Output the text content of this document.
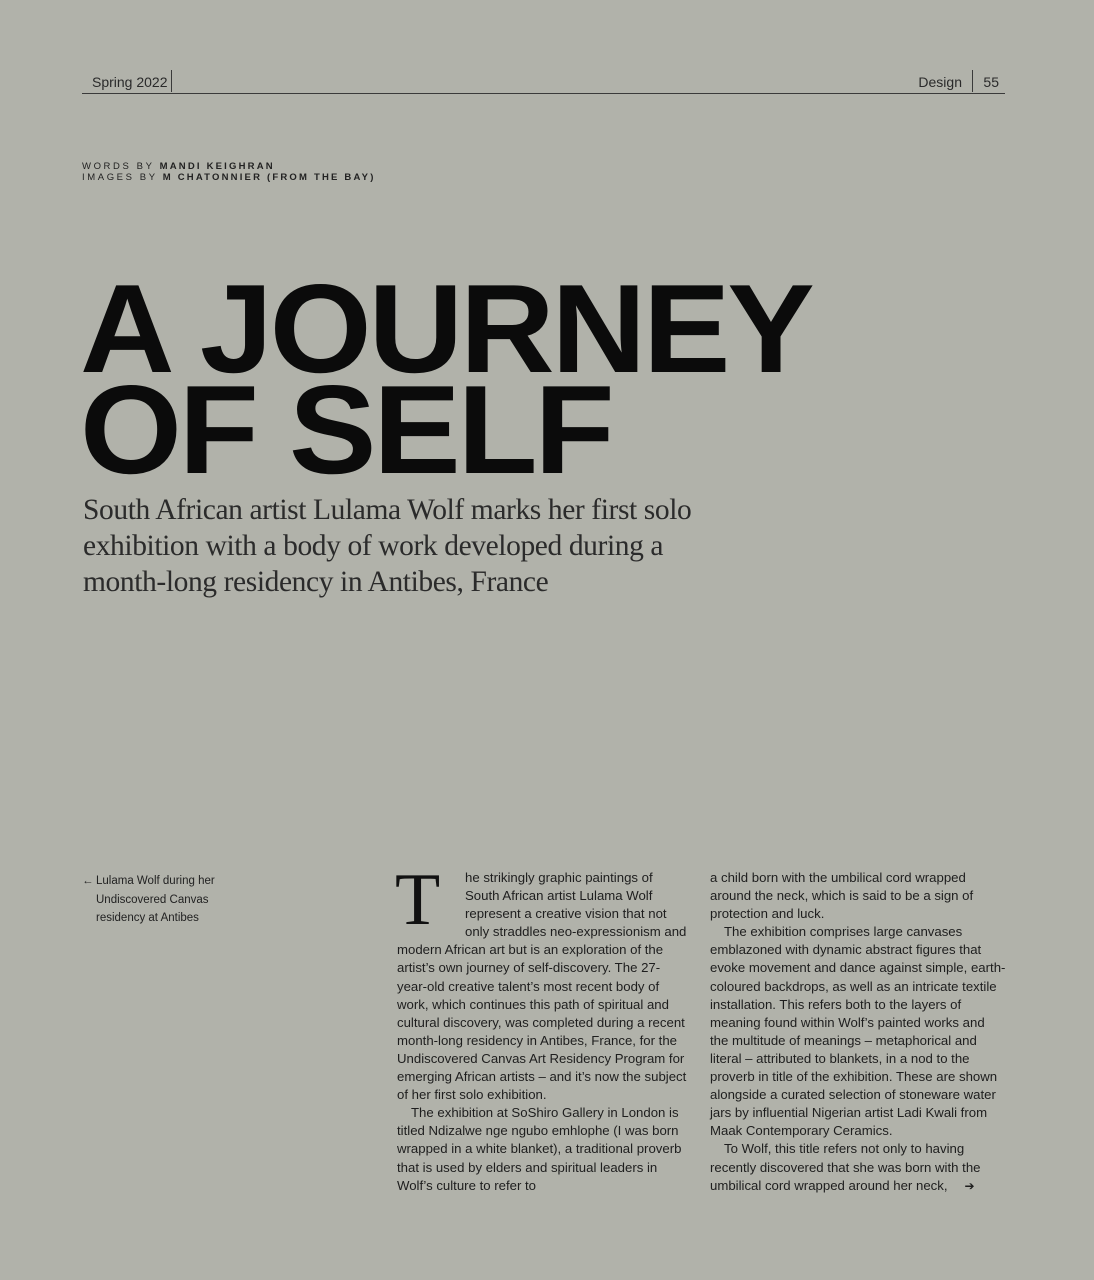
Spring 2022	Design 55
WORDS BY MANDI KEIGHRAN
IMAGES BY M CHATONNIER (FROM THE BAY)
A JOURNEY
OF SELF

South African artist Lulama Wolf marks her first solo exhibition with a body of work developed during a month-long residency in Antibes, France

← Lulama Wolf during her Undiscovered Canvas residency at Antibes	T	he strikingly graphic paintings of South African artist Lulama Wolf represent a creative vision that not only straddles neo-expressionism and modern African art but is an exploration of the artist’s own journey of self-discovery. The 27-year-old creative talent’s most recent body of work, which continues this path of spiritual and cultural discovery, was completed during a recent month-long residency in Antibes, France, for the Undiscovered Canvas Art Residency Program for emerging African artists – and it’s now the subject of her first solo exhibition.

The exhibition at SoShiro Gallery in London is titled Ndizalwe nge ngubo emhlophe (I was born wrapped in a white blanket), a traditional proverb that is used by elders and spiritual leaders in Wolf’s culture to refer to

a child born with the umbilical cord wrapped around the neck, which is said to be a sign of protection and luck.

The exhibition comprises large canvases emblazoned with dynamic abstract figures that evoke movement and dance against simple, earth-coloured backdrops, as well as an intricate textile installation. This refers both to the layers of meaning found within Wolf’s painted works and the multitude of meanings – metaphorical and literal – attributed to blankets, in a nod to the proverb in title of the exhibition. These are shown alongside a curated selection of stoneware water jars by influential Nigerian artist Ladi Kwali from Maak Contemporary Ceramics.

To Wolf, this title refers not only to having recently discovered that she was born with the umbilical cord wrapped around her neck, ➔
